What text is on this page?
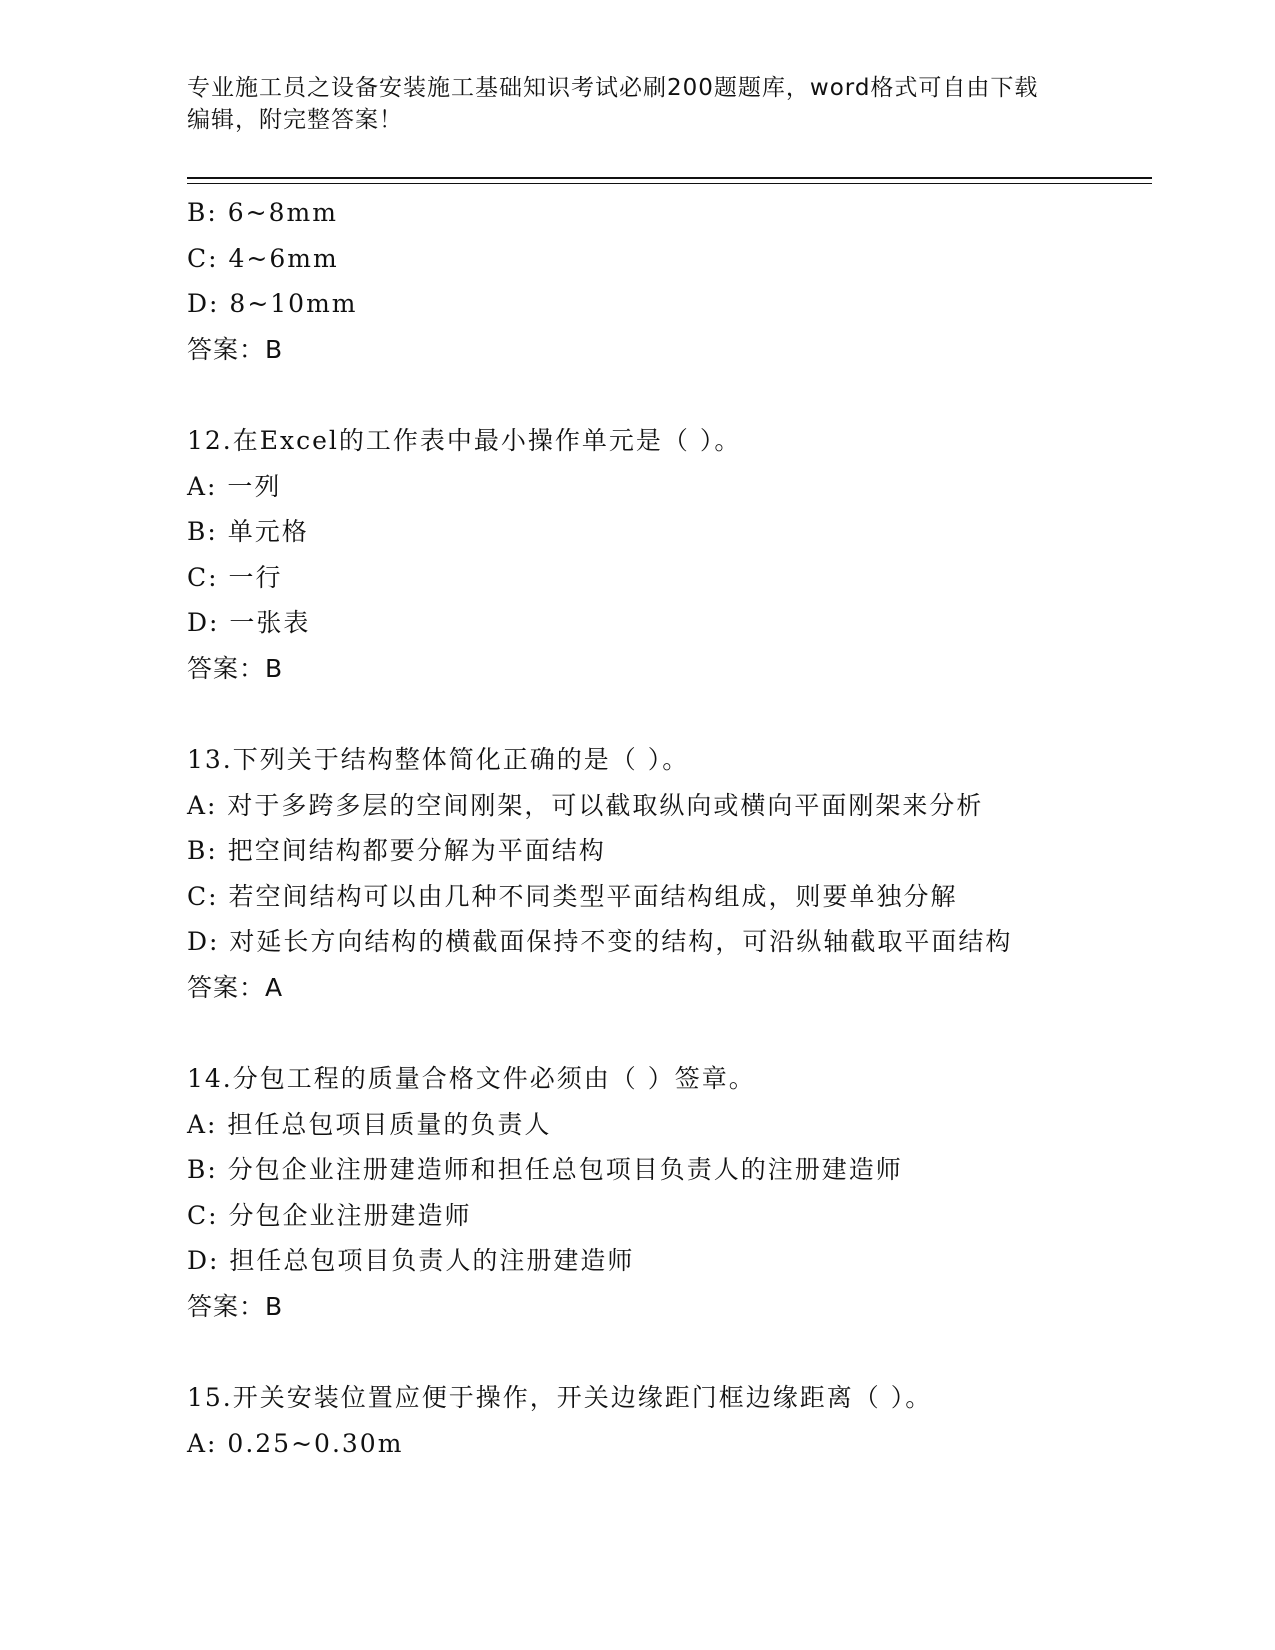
专业施工员之设备安装施工基础知识考试必刷200题题库，word格式可自由下载
编辑，附完整答案！
B: 6~8mm
C: 4~6mm
D: 8~10mm
答案：B
12.在Excel的工作表中最小操作单元是（ ）。
A: 一列
B: 单元格
C: 一行
D: 一张表
答案：B
13.下列关于结构整体简化正确的是（ ）。
A: 对于多跨多层的空间刚架，可以截取纵向或横向平面刚架来分析
B: 把空间结构都要分解为平面结构
C: 若空间结构可以由几种不同类型平面结构组成，则要单独分解
D: 对延长方向结构的横截面保持不变的结构，可沿纵轴截取平面结构
答案：A
14.分包工程的质量合格文件必须由（ ）签章。
A: 担任总包项目质量的负责人
B: 分包企业注册建造师和担任总包项目负责人的注册建造师
C: 分包企业注册建造师
D: 担任总包项目负责人的注册建造师
答案：B
15.开关安装位置应便于操作，开关边缘距门框边缘距离（ ）。
A: 0.25~0.30m
